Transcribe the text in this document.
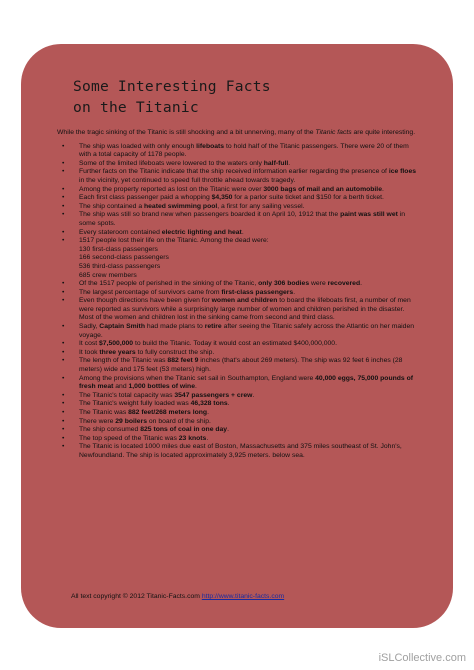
Some Interesting Facts
on the Titanic

While the tragic sinking of the Titanic is still shocking and a bit unnerving, many of the Titanic facts are quite interesting.

• The ship was loaded with only enough lifeboats to hold half of the Titanic passengers. There were 20 of them with a total capacity of 1178 people.
• Some of the limited lifeboats were lowered to the waters only half-full.
• Further facts on the Titanic indicate that the ship received information earlier regarding the presence of ice floes in the vicinity, yet continued to speed full throttle ahead towards tragedy.
• Among the property reported as lost on the Titanic were over 3000 bags of mail and an automobile.
• Each first class passenger paid a whopping $4,350 for a parlor suite ticket and $150 for a berth ticket.
• The ship contained a heated swimming pool, a first for any sailing vessel.
• The ship was still so brand new when passengers boarded it on April 10, 1912 that the paint was still wet in some spots.
• Every stateroom contained electric lighting and heat.
• 1517 people lost their life on the Titanic. Among the dead were:
130 first-class passengers
166 second-class passengers
536 third-class passengers
685 crew members
• Of the 1517 people of perished in the sinking of the Titanic, only 306 bodies were recovered.
• The largest percentage of survivors came from first-class passengers.
• Even though directions have been given for women and children to board the lifeboats first, a number of men were reported as survivors while a surprisingly large number of women and children perished in the disaster. Most of the women and children lost in the sinking came from second and third class.
• Sadly, Captain Smith had made plans to retire after seeing the Titanic safely across the Atlantic on her maiden voyage.
• It cost $7,500,000 to build the Titanic. Today it would cost an estimated $400,000,000.
• It took three years to fully construct the ship.
• The length of the Titanic was 882 feet 9 inches (that's about 269 meters). The ship was 92 feet 6 inches (28 meters) wide and 175 feet (53 meters) high.
• Among the provisions when the Titanic set sail in Southampton, England were 40,000 eggs, 75,000 pounds of fresh meat and 1,000 bottles of wine.
• The Titanic's total capacity was 3547 passengers + crew.
• The Titanic's weight fully loaded was 46,328 tons.
• The Titanic was 882 feet/268 meters long.
• There were 29 boilers on board of the ship.
• The ship consumed 825 tons of coal in one day.
• The top speed of the Titanic was 23 knots.
• The Titanic is located 1000 miles due east of Boston, Massachusetts and 375 miles southeast of St. John's, Newfoundland. The ship is located approximately 3,925 meters. below sea.
All text copyright © 2012 Titanic-Facts.com http://www.titanic-facts.com
iSLCollective.com
